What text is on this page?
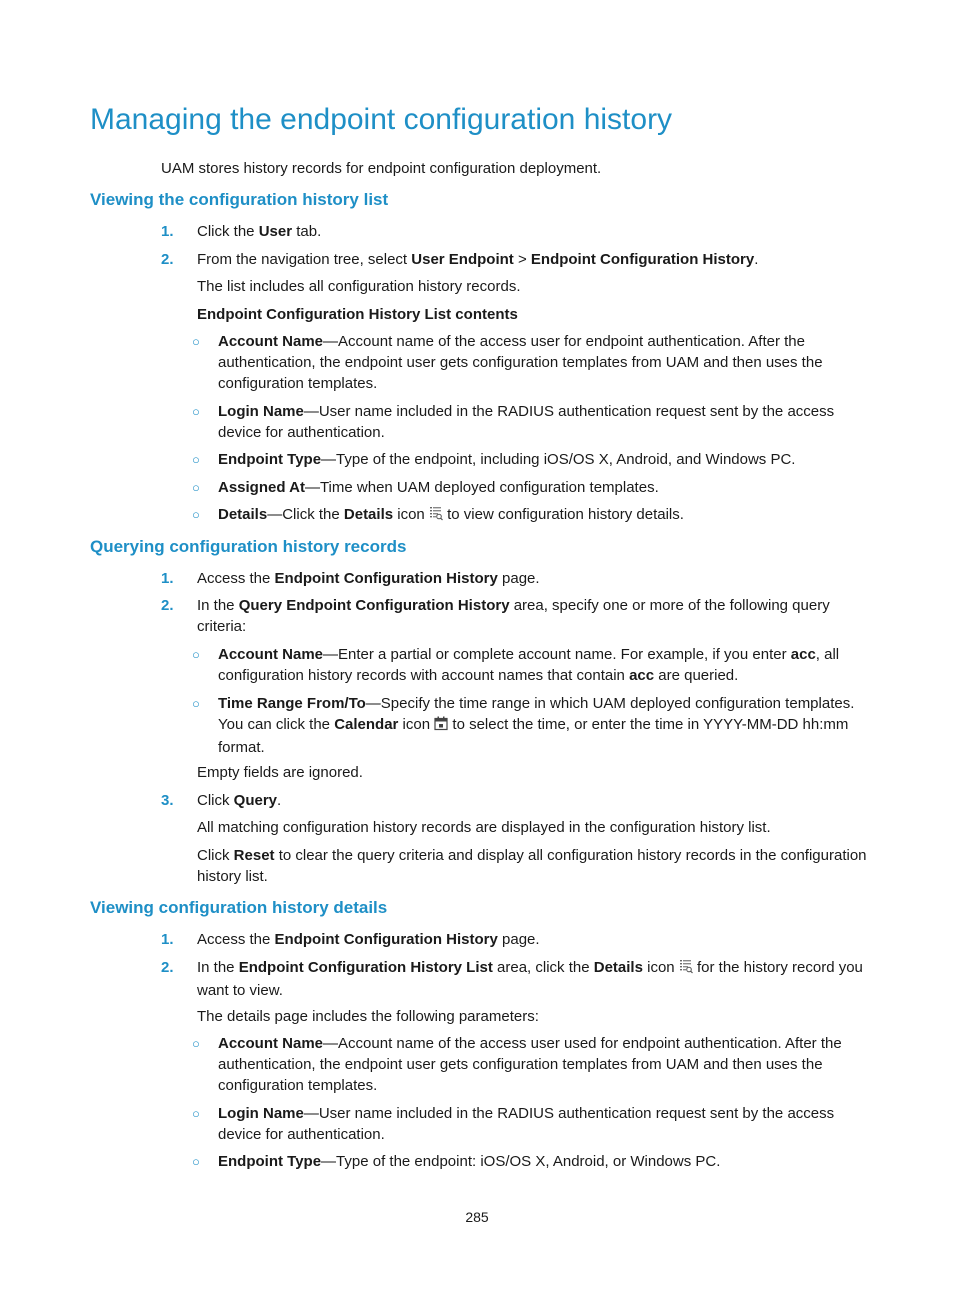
Managing the endpoint configuration history

UAM stores history records for endpoint configuration deployment.

Viewing the configuration history list
1. Click the User tab.

2. From the navigation tree, select User Endpoint > Endpoint Configuration History.

The list includes all configuration history records.

Endpoint Configuration History List contents

○ Account Name—Account name of the access user for endpoint authentication. After the authentication, the endpoint user gets configuration templates from UAM and then uses the configuration templates.

○ Login Name—User name included in the RADIUS authentication request sent by the access device for authentication.

○ Endpoint Type—Type of the endpoint, including iOS/OS X, Android, and Windows PC.

○ Assigned At—Time when UAM deployed configuration templates.

○ Details—Click the Details icon  to view configuration history details.

Querying configuration history records
1. Access the Endpoint Configuration History page.

2. In the Query Endpoint Configuration History area, specify one or more of the following query criteria:

○ Account Name—Enter a partial or complete account name. For example, if you enter acc, all configuration history records with account names that contain acc are queried.

○ Time Range From/To—Specify the time range in which UAM deployed configuration templates. You can click the Calendar icon  to select the time, or enter the time in YYYY-MM-DD hh:mm format.

Empty fields are ignored.

3. Click Query.

All matching configuration history records are displayed in the configuration history list.

Click Reset to clear the query criteria and display all configuration history records in the configuration history list.

Viewing configuration history details
1. Access the Endpoint Configuration History page.

2. In the Endpoint Configuration History List area, click the Details icon  for the history record you want to view.

The details page includes the following parameters:

○ Account Name—Account name of the access user used for endpoint authentication. After the authentication, the endpoint user gets configuration templates from UAM and then uses the configuration templates.

○ Login Name—User name included in the RADIUS authentication request sent by the access device for authentication.

○ Endpoint Type—Type of the endpoint: iOS/OS X, Android, or Windows PC.

285
